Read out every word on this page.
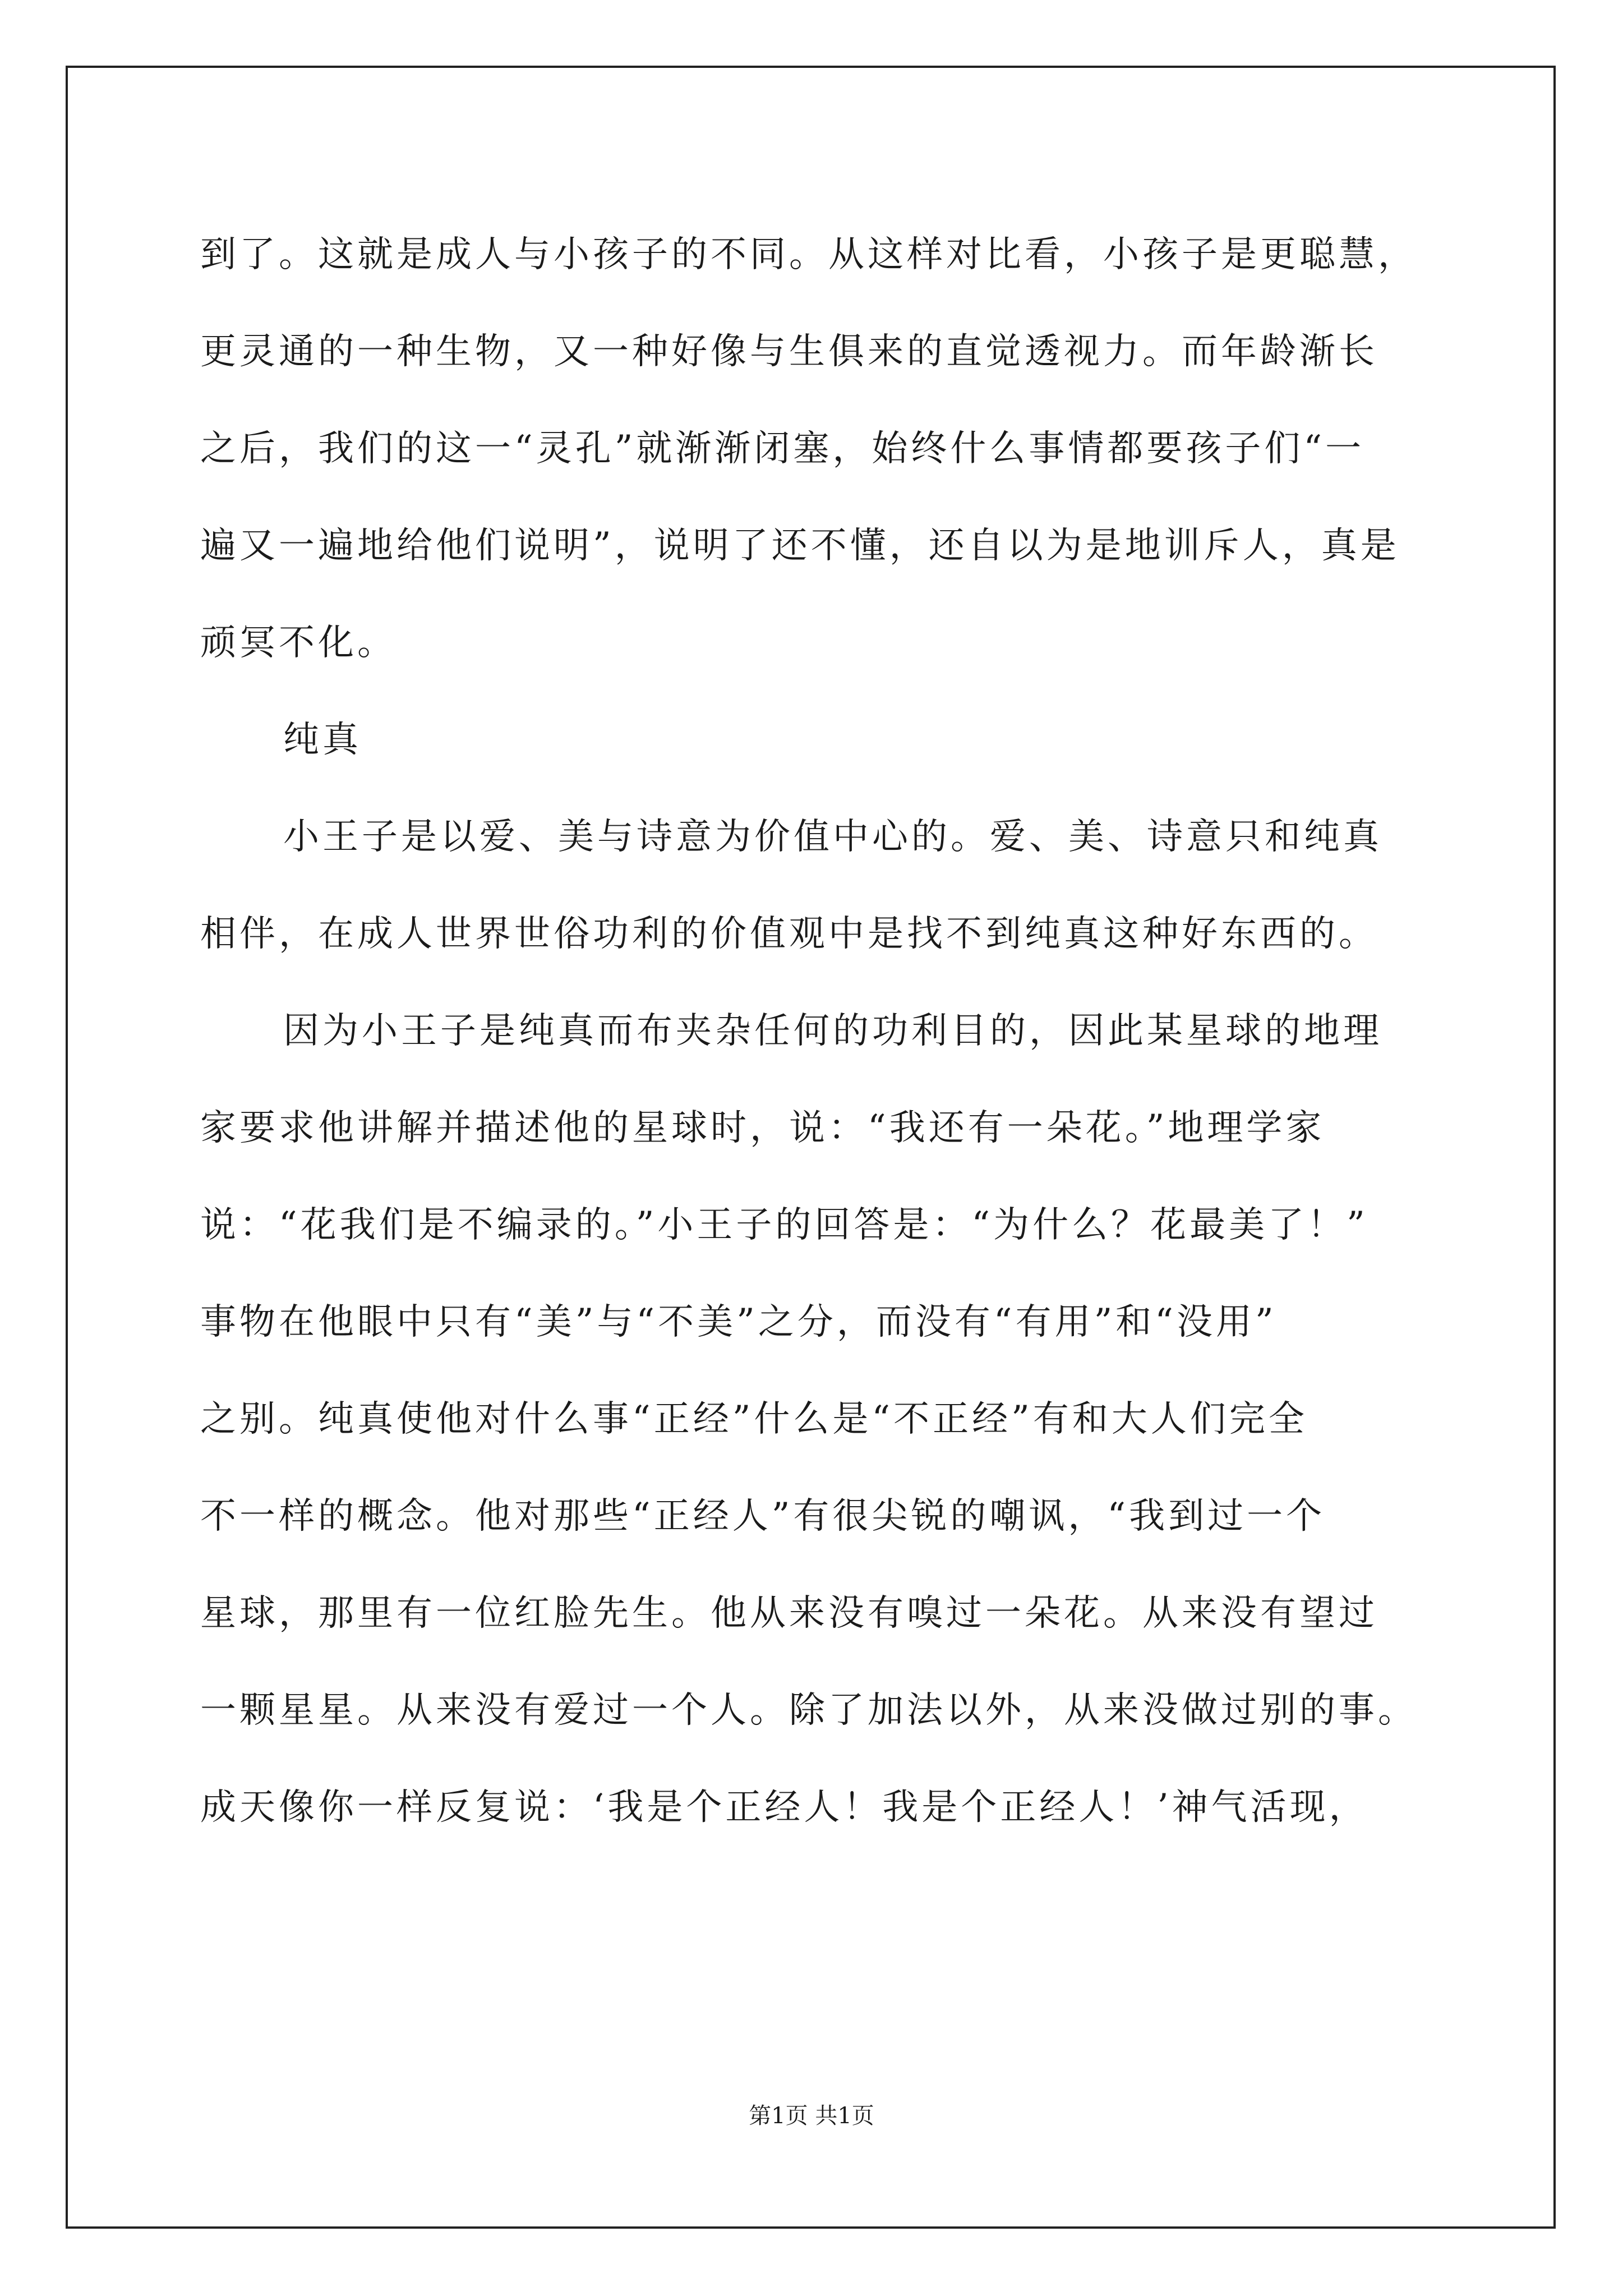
到了。这就是成人与小孩子的不同。从这样对比看，小孩子是更聪慧，
更灵通的一种生物，又一种好像与生俱来的直觉透视力。而年龄渐长
之后，我们的这一“灵孔”就渐渐闭塞，始终什么事情都要孩子们“一
遍又一遍地给他们说明”，说明了还不懂，还自以为是地训斥人，真是
顽冥不化。
纯真
小王子是以爱、美与诗意为价值中心的。爱、美、诗意只和纯真
相伴，在成人世界世俗功利的价值观中是找不到纯真这种好东西的。
因为小王子是纯真而布夹杂任何的功利目的，因此某星球的地理
家要求他讲解并描述他的星球时，说：“我还有一朵花。”地理学家
说：“花我们是不编录的。”小王子的回答是：“为什么？花最美了！”
事物在他眼中只有“美”与“不美”之分，而没有“有用”和“没用”
之别。纯真使他对什么事“正经”什么是“不正经”有和大人们完全
不一样的概念。他对那些“正经人”有很尖锐的嘲讽，“我到过一个
星球，那里有一位红脸先生。他从来没有嗅过一朵花。从来没有望过
一颗星星。从来没有爱过一个人。除了加法以外，从来没做过别的事。
成天像你一样反复说：‘我是个正经人！我是个正经人！’神气活现，
第1页 共1页
